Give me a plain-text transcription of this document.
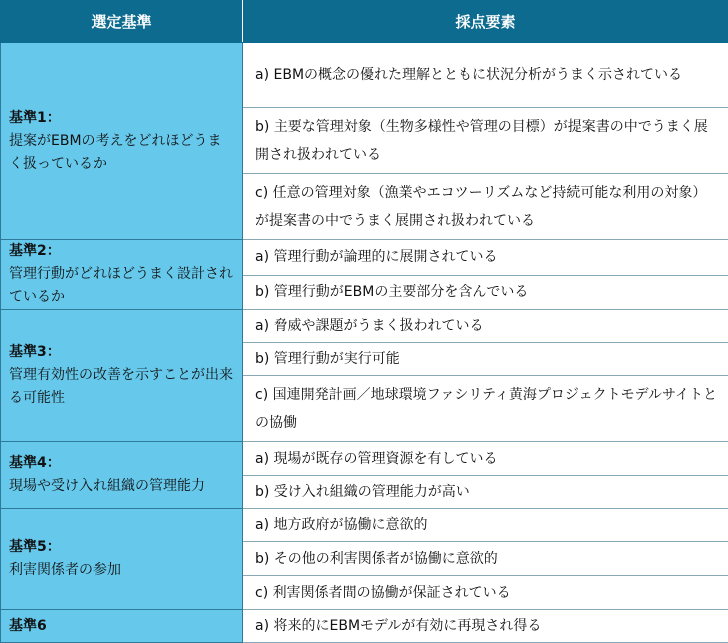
選定基準	採点要素

基準1：
提案がEBMの考えをどれほどうまく扱っているか	a) EBMの概念の優れた理解とともに状況分析がうまく示されている
	b) 主要な管理対象（生物多様性や管理の目標）が提案書の中でうまく展開され扱われている
	c) 任意の管理対象（漁業やエコツーリズムなど持続可能な利用の対象）が提案書の中でうまく展開され扱われている

基準2：
管理行動がどれほどうまく設計されているか	a) 管理行動が論理的に展開されている
	b) 管理行動がEBMの主要部分を含んでいる

基準3：
管理有効性の改善を示すことが出来る可能性	a) 脅威や課題がうまく扱われている
	b) 管理行動が実行可能
	c) 国連開発計画／地球環境ファシリティ黄海プロジェクトモデルサイトとの協働

基準4：
現場や受け入れ組織の管理能力	a) 現場が既存の管理資源を有している
	b) 受け入れ組織の管理能力が高い

基準5：
利害関係者の参加	a) 地方政府が協働に意欲的
	b) その他の利害関係者が協働に意欲的
	c) 利害関係者間の協働が保証されている

基準6	a) 将来的にEBMモデルが有効に再現され得る
